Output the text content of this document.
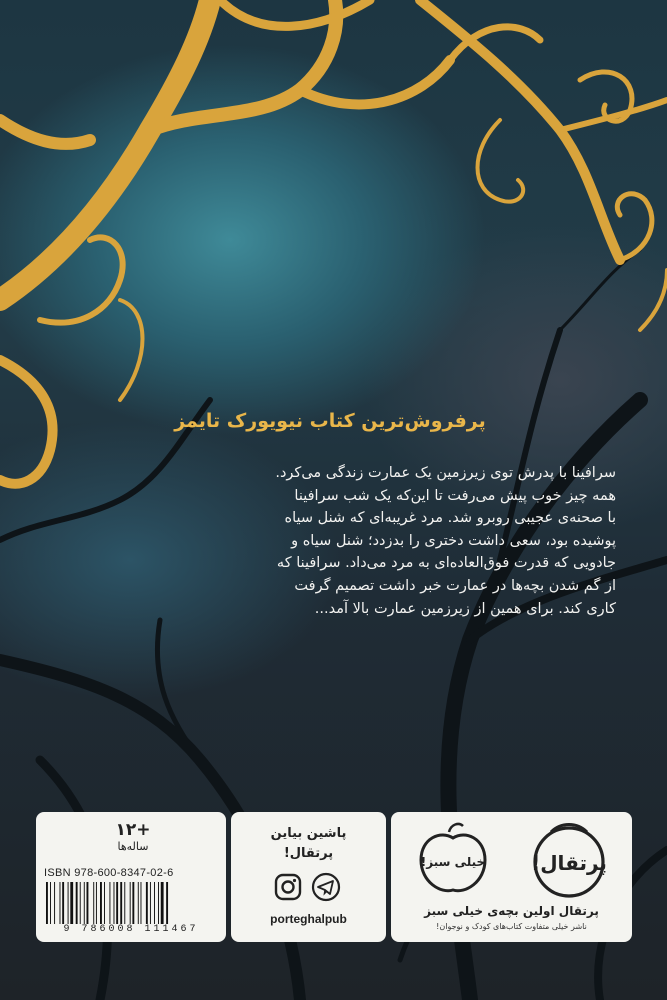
پرفروش‌ترین کتاب نیویورک تایمز

سرافینا با پدرش توی زیرزمین یک عمارت زندگی می‌کرد.

همه چیز خوب پیش می‌رفت تا این‌که یک شب سرافینا

با صحنه‌ی عجیبی روبرو شد. مرد غریبه‌ای که شنل سیاه

پوشیده بود، سعی داشت دختری را بدزدد؛ شنل سیاه و

جادویی که قدرت فوق‌العاده‌ای به مرد می‌داد. سرافینا که

از گم شدن بچه‌ها در عمارت خبر داشت تصمیم گرفت

کاری کند. برای همین از زیرزمین عمارت بالا آمد...

۱۲+
ساله‌ها
ISBN 978-600-8347-02-6
9 786008 111467
پاشین بیاین
پرتقال!
porteghalpub
خیلی سبز! پرتقال!
پرتقال اولین بچه‌ی خیلی سبز
ناشر خیلی متفاوت کتاب‌های کودک و نوجوان!
